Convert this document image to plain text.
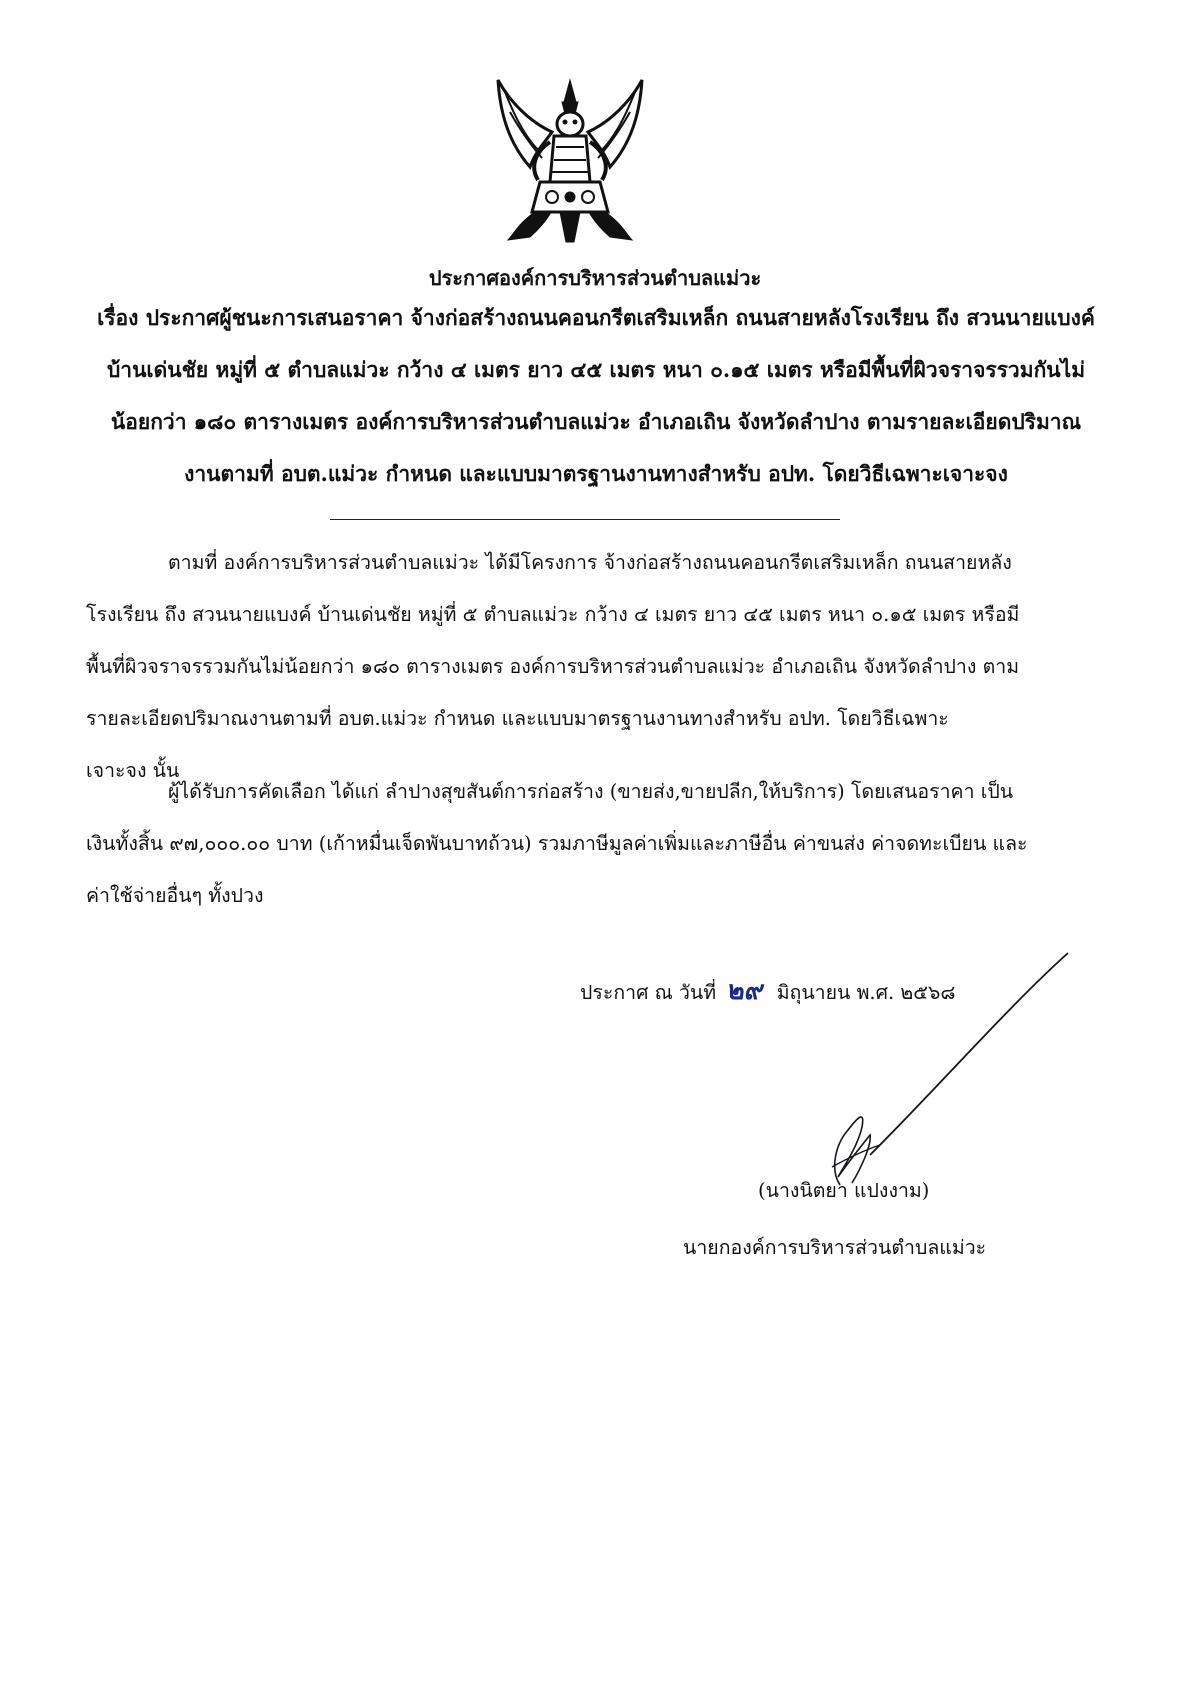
ประกาศองค์การบริหารส่วนตำบลแม่วะ
เรื่อง ประกาศผู้ชนะการเสนอราคา จ้างก่อสร้างถนนคอนกรีตเสริมเหล็ก ถนนสายหลังโรงเรียน ถึง สวนนายแบงค์
บ้านเด่นชัย หมู่ที่ ๕ ตำบลแม่วะ กว้าง ๔ เมตร ยาว ๔๕ เมตร หนา ๐.๑๕ เมตร หรือมีพื้นที่ผิวจราจรรวมกันไม่
น้อยกว่า ๑๘๐ ตารางเมตร องค์การบริหารส่วนตำบลแม่วะ อำเภอเถิน จังหวัดลำปาง ตามรายละเอียดปริมาณ
งานตามที่ อบต.แม่วะ กำหนด และแบบมาตรฐานงานทางสำหรับ อปท. โดยวิธีเฉพาะเจาะจง
ตามที่ องค์การบริหารส่วนตำบลแม่วะ ได้มีโครงการ จ้างก่อสร้างถนนคอนกรีตเสริมเหล็ก ถนนสายหลัง
โรงเรียน ถึง สวนนายแบงค์ บ้านเด่นชัย หมู่ที่ ๕ ตำบลแม่วะ กว้าง ๔ เมตร ยาว ๔๕ เมตร หนา ๐.๑๕ เมตร หรือมี
พื้นที่ผิวจราจรรวมกันไม่น้อยกว่า ๑๘๐ ตารางเมตร องค์การบริหารส่วนตำบลแม่วะ อำเภอเถิน จังหวัดลำปาง ตาม
รายละเอียดปริมาณงานตามที่ อบต.แม่วะ กำหนด และแบบมาตรฐานงานทางสำหรับ อปท. โดยวิธีเฉพาะ
เจาะจง นั้น
ผู้ได้รับการคัดเลือก ได้แก่ ลำปางสุขสันต์การก่อสร้าง (ขายส่ง,ขายปลีก,ให้บริการ) โดยเสนอราคา เป็น
เงินทั้งสิ้น ๙๗,๐๐๐.๐๐ บาท (เก้าหมื่นเจ็ดพันบาทถ้วน) รวมภาษีมูลค่าเพิ่มและภาษีอื่น ค่าขนส่ง ค่าจดทะเบียน และ
ค่าใช้จ่ายอื่นๆ ทั้งปวง
ประกาศ ณ วันที่ ๒๙ มิถุนายน พ.ศ. ๒๕๖๘
(นางนิตยา แปงงาม)
นายกองค์การบริหารส่วนตำบลแม่วะ
